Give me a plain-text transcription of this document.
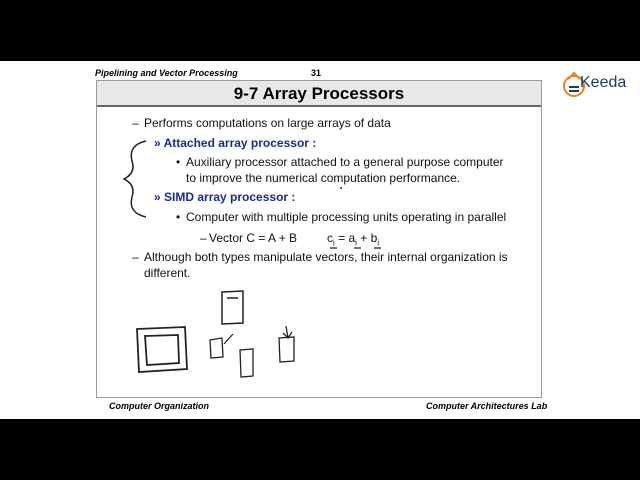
Pipelining and Vector Processing	31
Keeda
9-7 Array Processors
– Performs computations on large arrays of data
» Attached array processor :
• Auxiliary processor attached to a general purpose computer
to improve the numerical computation performance.
» SIMD array processor :
• Computer with multiple processing units operating in parallel
– Vector C = A + B $c_i = a_i + b_i$
– Although both types manipulate vectors, their internal organization is
different.
Computer Organization	Computer Architectures Lab
